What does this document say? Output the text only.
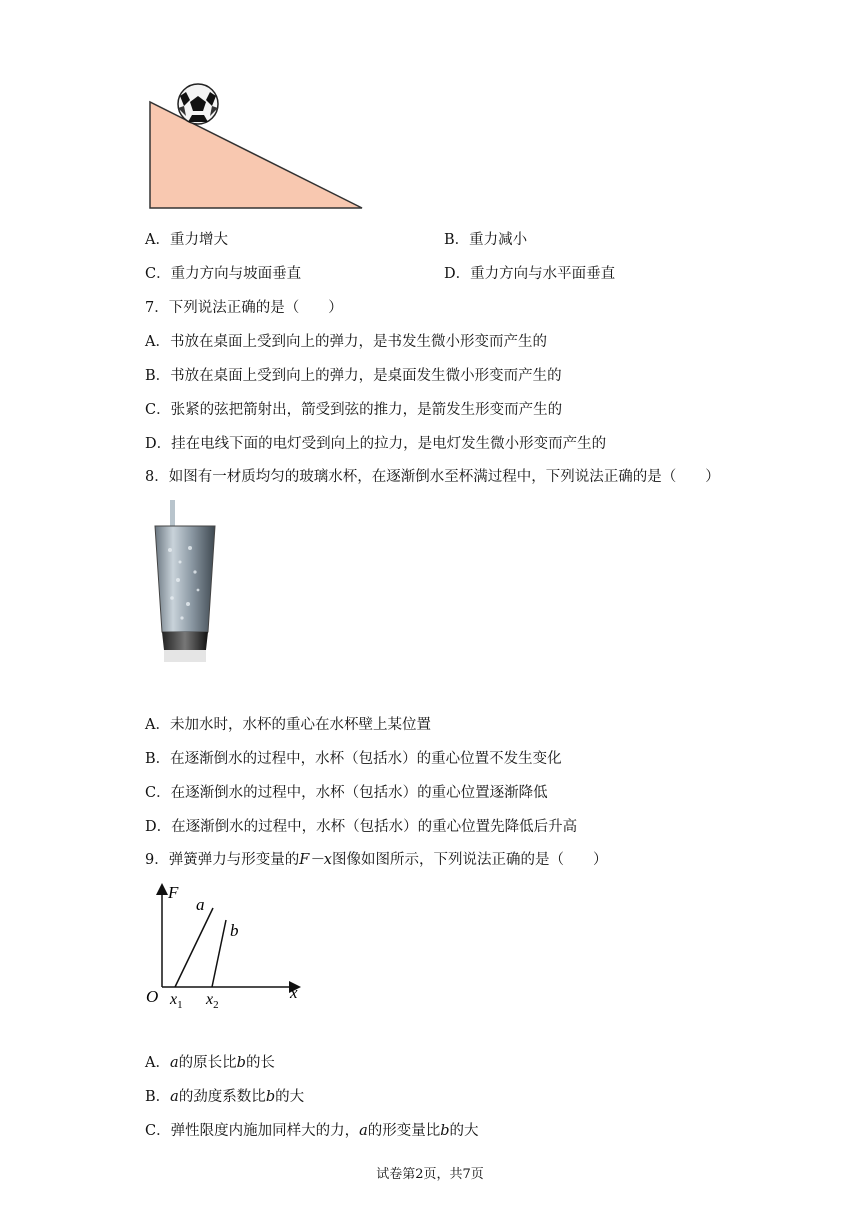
A．重力增大	B．重力减小
C．重力方向与坡面垂直	D．重力方向与水平面垂直
7．下列说法正确的是（　　）
A．书放在桌面上受到向上的弹力，是书发生微小形变而产生的
B．书放在桌面上受到向上的弹力，是桌面发生微小形变而产生的
C．张紧的弦把箭射出，箭受到弦的推力，是箭发生形变而产生的
D．挂在电线下面的电灯受到向上的拉力，是电灯发生微小形变而产生的
8．如图有一材质均匀的玻璃水杯，在逐渐倒水至杯满过程中，下列说法正确的是（　　）
A．未加水时，水杯的重心在水杯壁上某位置
B．在逐渐倒水的过程中，水杯（包括水）的重心位置不发生变化
C．在逐渐倒水的过程中，水杯（包括水）的重心位置逐渐降低
D．在逐渐倒水的过程中，水杯（包括水）的重心位置先降低后升高
9．弹簧弹力与形变量的F－x图像如图所示，下列说法正确的是（　　）
F
O	x
a
b
$x_1$ $x_2$
A．a的原长比b的长
B．a的劲度系数比b的大
C．弹性限度内施加同样大的力，a的形变量比b的大
试卷第2页，共7页
